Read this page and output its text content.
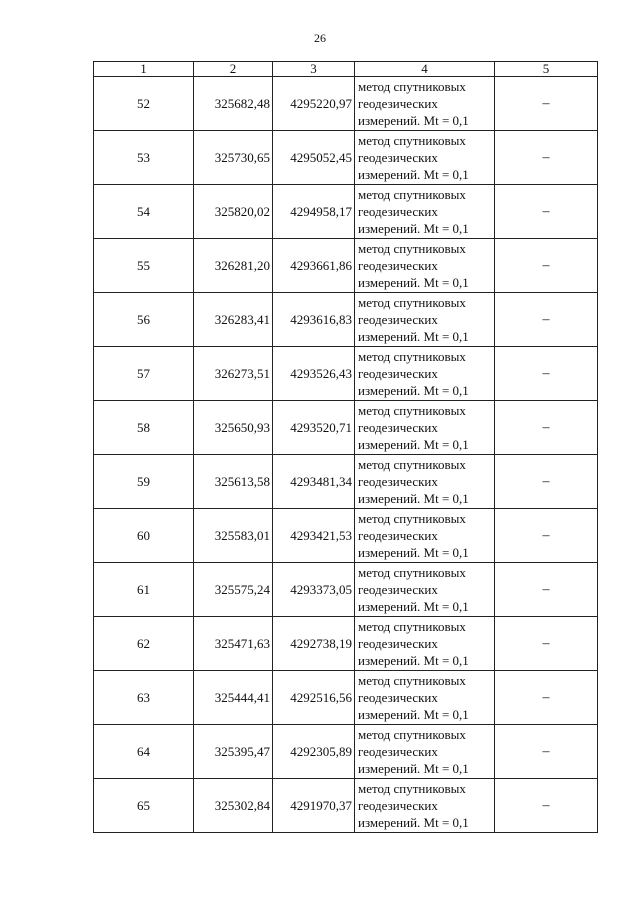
26
1	2	3	4	5
52	325682,48	4295220,97	метод спутниковых
геодезических
измерений. Mt = 0,1	–
53	325730,65	4295052,45	метод спутниковых
геодезических
измерений. Mt = 0,1	–
54	325820,02	4294958,17	метод спутниковых
геодезических
измерений. Mt = 0,1	–
55	326281,20	4293661,86	метод спутниковых
геодезических
измерений. Mt = 0,1	–
56	326283,41	4293616,83	метод спутниковых
геодезических
измерений. Mt = 0,1	–
57	326273,51	4293526,43	метод спутниковых
геодезических
измерений. Mt = 0,1	–
58	325650,93	4293520,71	метод спутниковых
геодезических
измерений. Mt = 0,1	–
59	325613,58	4293481,34	метод спутниковых
геодезических
измерений. Mt = 0,1	–
60	325583,01	4293421,53	метод спутниковых
геодезических
измерений. Mt = 0,1	–
61	325575,24	4293373,05	метод спутниковых
геодезических
измерений. Mt = 0,1	–
62	325471,63	4292738,19	метод спутниковых
геодезических
измерений. Mt = 0,1	–
63	325444,41	4292516,56	метод спутниковых
геодезических
измерений. Mt = 0,1	–
64	325395,47	4292305,89	метод спутниковых
геодезических
измерений. Mt = 0,1	–
65	325302,84	4291970,37	метод спутниковых
геодезических
измерений. Mt = 0,1	–
